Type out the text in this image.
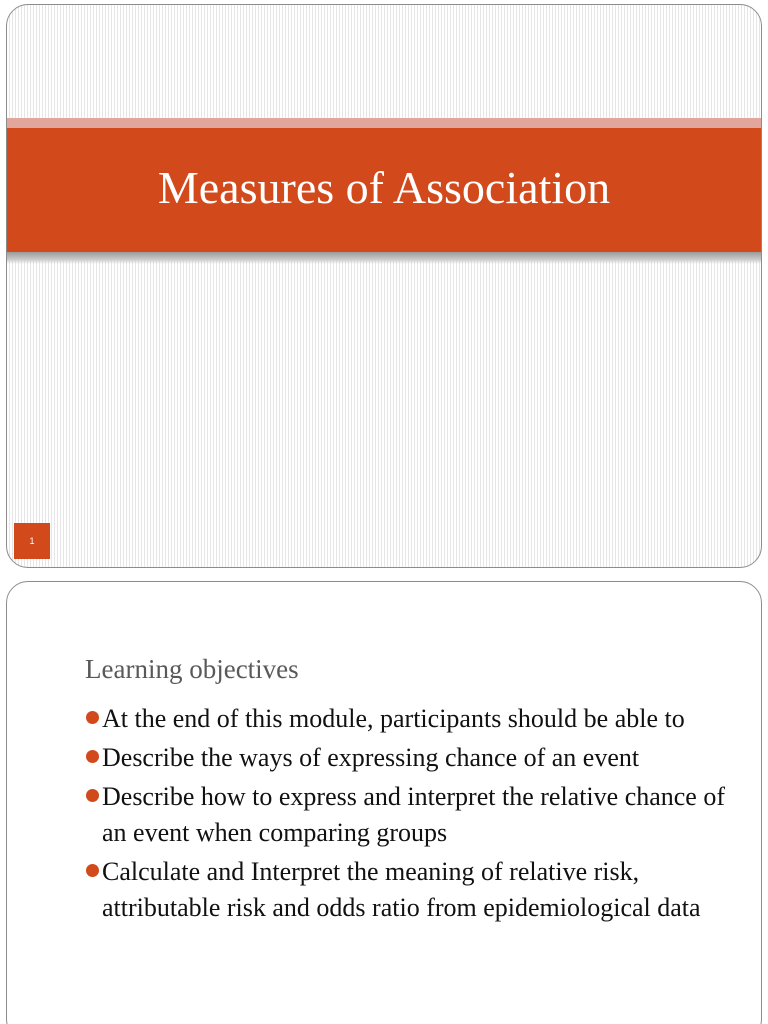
Measures of Association
1
Learning objectives
At the end of this module, participants should be able to
Describe the ways of expressing chance of an event
Describe how to express and interpret the relative chance of an event when comparing groups
Calculate and Interpret the meaning of relative risk, attributable risk and odds ratio from epidemiological data
